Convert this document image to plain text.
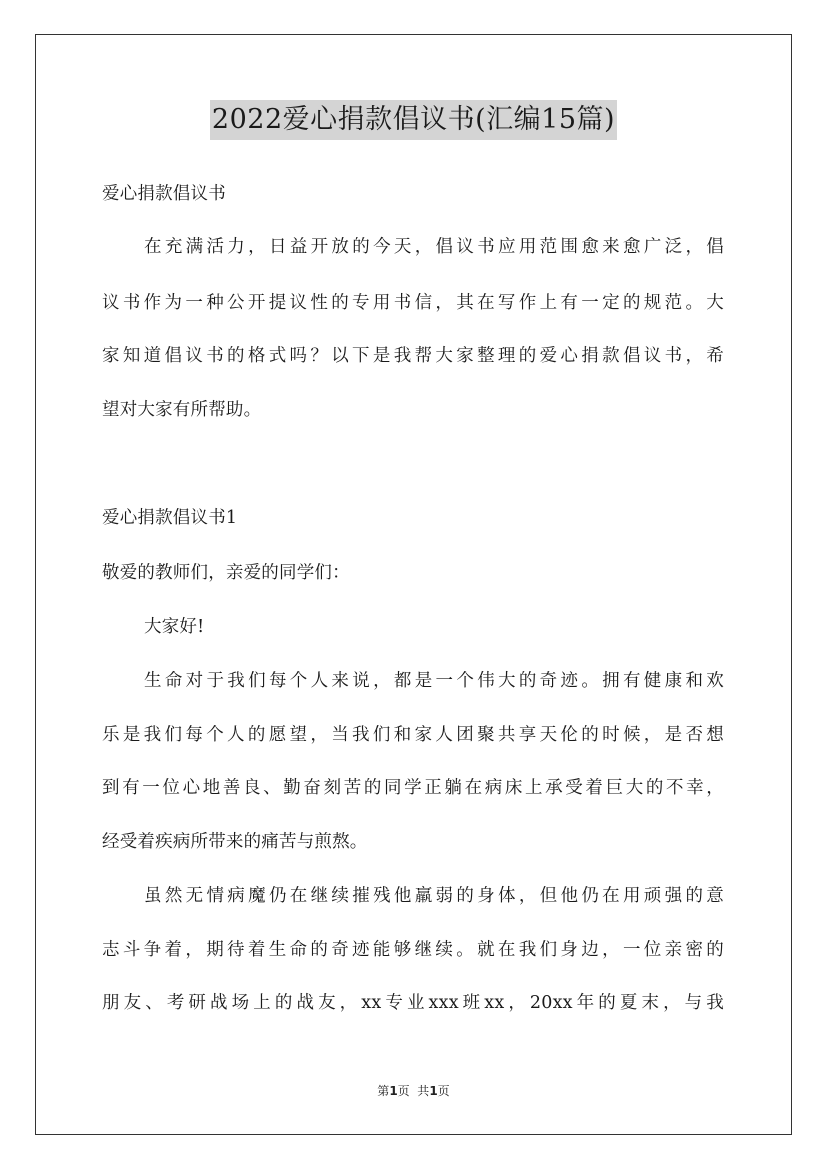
2022爱心捐款倡议书(汇编15篇)
爱心捐款倡议书
在充满活力，日益开放的今天，倡议书应用范围愈来愈广泛，倡
议书作为一种公开提议性的专用书信，其在写作上有一定的规范。大
家知道倡议书的格式吗？以下是我帮大家整理的爱心捐款倡议书，希
望对大家有所帮助。
爱心捐款倡议书1
敬爱的教师们，亲爱的同学们：
大家好!
生命对于我们每个人来说，都是一个伟大的奇迹。拥有健康和欢
乐是我们每个人的愿望，当我们和家人团聚共享天伦的时候，是否想
到有一位心地善良、勤奋刻苦的同学正躺在病床上承受着巨大的不幸，
经受着疾病所带来的痛苦与煎熬。
虽然无情病魔仍在继续摧残他羸弱的身体，但他仍在用顽强的意
志斗争着，期待着生命的奇迹能够继续。就在我们身边，一位亲密的
朋友、考研战场上的战友，xx专业xxx班xx，20xx年的夏末，与我
第1页  共1页
